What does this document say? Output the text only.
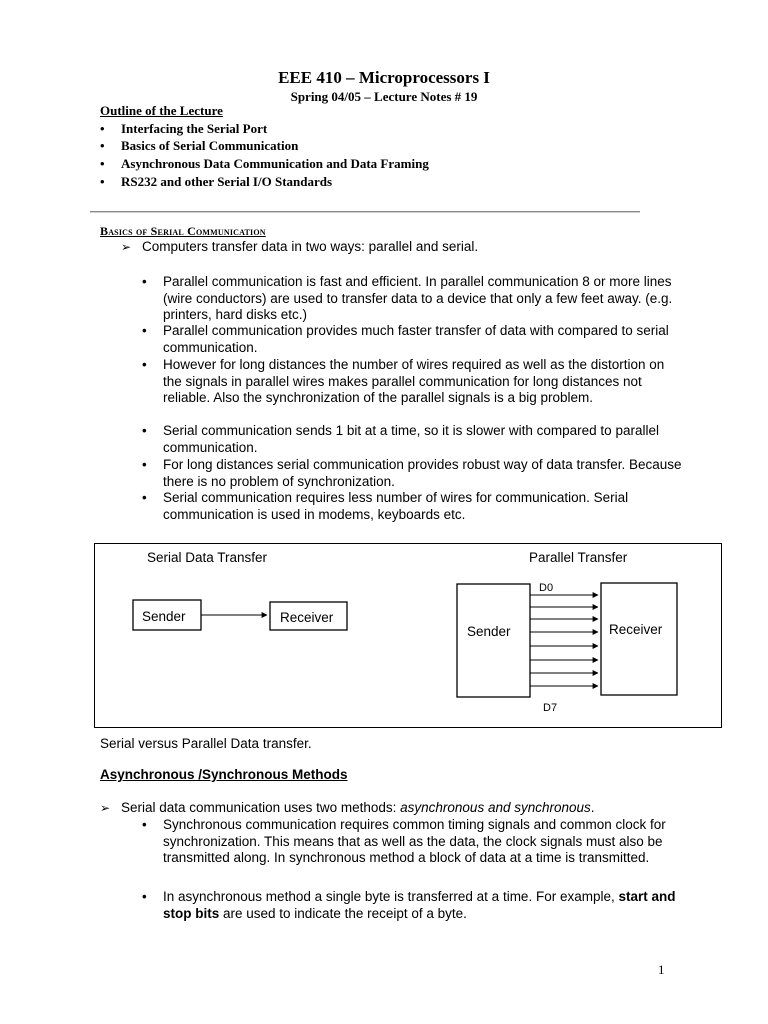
EEE 410 – Microprocessors I
Spring 04/05 – Lecture Notes # 19
Outline of the Lecture
• Interfacing the Serial Port
• Basics of Serial Communication
• Asynchronous Data Communication and Data Framing
• RS232 and other Serial I/O Standards
Basics of Serial Communication
➢ Computers transfer data in two ways: parallel and serial.
• Parallel communication is fast and efficient. In parallel communication 8 or more lines (wire conductors) are used to transfer data to a device that only a few feet away. (e.g. printers, hard disks etc.)
• Parallel communication provides much faster transfer of data with compared to serial communication.
• However for long distances the number of wires required as well as the distortion on the signals in parallel wires makes parallel communication for long distances not reliable. Also the synchronization of the parallel signals is a big problem.
• Serial communication sends 1 bit at a time, so it is slower with compared to parallel communication.
• For long distances serial communication provides robust way of data transfer. Because there is no problem of synchronization.
• Serial communication requires less number of wires for communication. Serial communication is used in modems, keyboards etc.
Serial Data Transfer
Sender	Receiver
Parallel Transfer
Sender	Receiver
D0
D7
Serial versus Parallel Data transfer.
Asynchronous /Synchronous Methods
➢ Serial data communication uses two methods: asynchronous and synchronous.
• Synchronous communication requires common timing signals and common clock for synchronization. This means that as well as the data, the clock signals must also be transmitted along. In synchronous method a block of data at a time is transmitted.
• In asynchronous method a single byte is transferred at a time. For example, start and stop bits are used to indicate the receipt of a byte.
1
